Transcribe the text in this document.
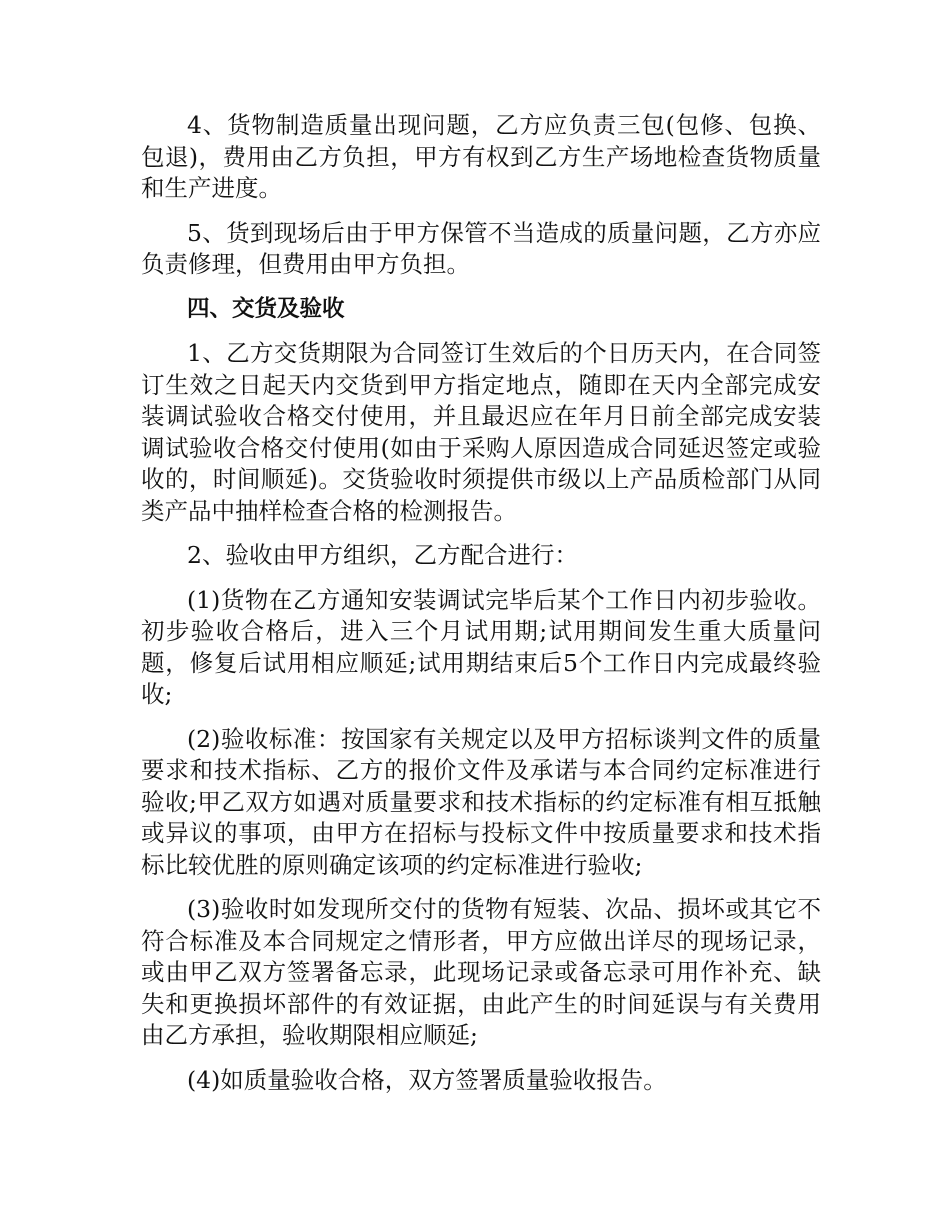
4、货物制造质量出现问题，乙方应负责三包(包修、包换、包退)，费用由乙方负担，甲方有权到乙方生产场地检查货物质量和生产进度。

5、货到现场后由于甲方保管不当造成的质量问题，乙方亦应负责修理，但费用由甲方负担。

四、交货及验收

1、乙方交货期限为合同签订生效后的个日历天内，在合同签订生效之日起天内交货到甲方指定地点，随即在天内全部完成安装调试验收合格交付使用，并且最迟应在年月日前全部完成安装调试验收合格交付使用(如由于采购人原因造成合同延迟签定或验收的，时间顺延)。交货验收时须提供市级以上产品质检部门从同类产品中抽样检查合格的检测报告。

2、验收由甲方组织，乙方配合进行：

(1)货物在乙方通知安装调试完毕后某个工作日内初步验收。初步验收合格后，进入三个月试用期;试用期间发生重大质量问题，修复后试用相应顺延;试用期结束后5个工作日内完成最终验收;

(2)验收标准：按国家有关规定以及甲方招标谈判文件的质量要求和技术指标、乙方的报价文件及承诺与本合同约定标准进行验收;甲乙双方如遇对质量要求和技术指标的约定标准有相互抵触或异议的事项，由甲方在招标与投标文件中按质量要求和技术指标比较优胜的原则确定该项的约定标准进行验收;

(3)验收时如发现所交付的货物有短装、次品、损坏或其它不符合标准及本合同规定之情形者，甲方应做出详尽的现场记录，或由甲乙双方签署备忘录，此现场记录或备忘录可用作补充、缺失和更换损坏部件的有效证据，由此产生的时间延误与有关费用由乙方承担，验收期限相应顺延;

(4)如质量验收合格，双方签署质量验收报告。
